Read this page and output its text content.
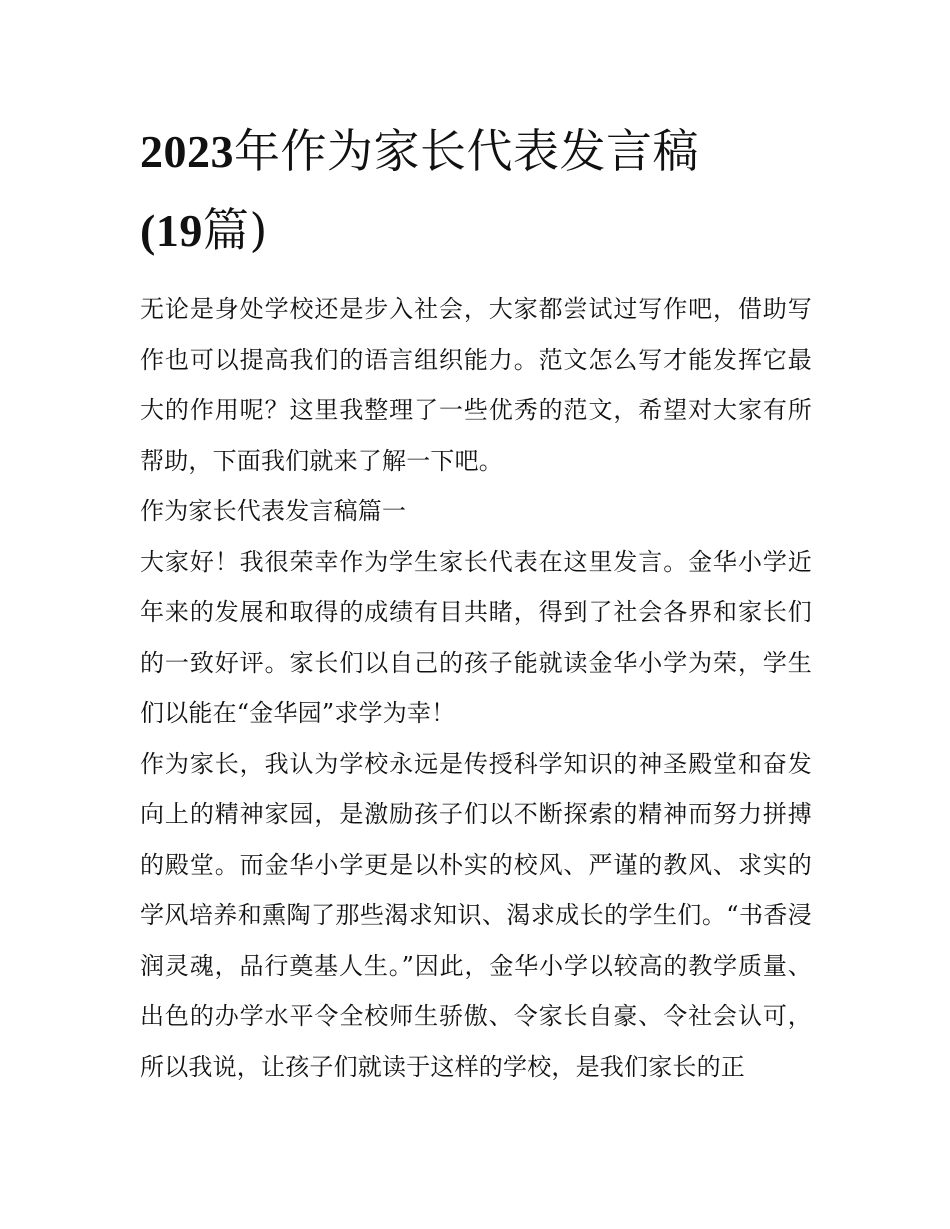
2023年作为家长代表发言稿
(19篇)

无论是身处学校还是步入社会，大家都尝试过写作吧，借助写作也可以提高我们的语言组织能力。范文怎么写才能发挥它最大的作用呢？这里我整理了一些优秀的范文，希望对大家有所帮助，下面我们就来了解一下吧。

作为家长代表发言稿篇一

大家好！我很荣幸作为学生家长代表在这里发言。金华小学近年来的发展和取得的成绩有目共睹，得到了社会各界和家长们的一致好评。家长们以自己的孩子能就读金华小学为荣，学生们以能在“金华园”求学为幸！

作为家长，我认为学校永远是传授科学知识的神圣殿堂和奋发向上的精神家园，是激励孩子们以不断探索的精神而努力拼搏的殿堂。而金华小学更是以朴实的校风、严谨的教风、求实的学风培养和熏陶了那些渴求知识、渴求成长的学生们。“书香浸润灵魂，品行奠基人生。”因此，金华小学以较高的教学质量、出色的办学水平令全校师生骄傲、令家长自豪、令社会认可，所以我说，让孩子们就读于这样的学校，是我们家长的正
